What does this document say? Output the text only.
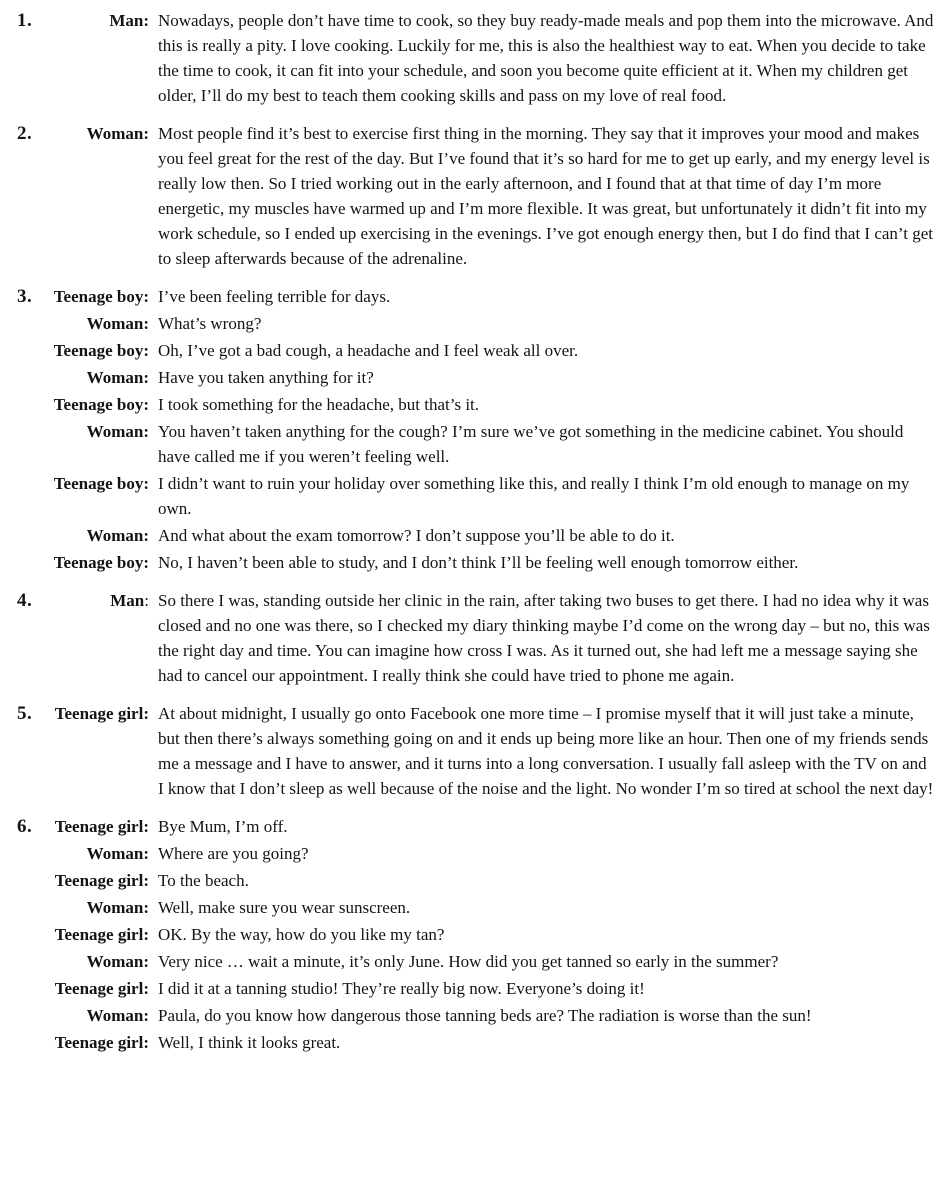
1.	Man: Nowadays, people don’t have time to cook, so they buy ready-made meals and pop them into the microwave. And this is really a pity. I love cooking. Luckily for me, this is also the healthiest way to eat. When you decide to take the time to cook, it can fit into your schedule, and soon you become quite efficient at it. When my children get older, I’ll do my best to teach them cooking skills and pass on my love of real food.
2.	Woman: Most people find it’s best to exercise first thing in the morning. They say that it improves your mood and makes you feel great for the rest of the day. But I’ve found that it’s so hard for me to get up early, and my energy level is really low then. So I tried working out in the early afternoon, and I found that at that time of day I’m more energetic, my muscles have warmed up and I’m more flexible. It was great, but unfortunately it didn’t fit into my work schedule, so I ended up exercising in the evenings. I’ve got enough energy then, but I do find that I can’t get to sleep afterwards because of the adrenaline.
3. Teenage boy: I’ve been feeling terrible for days.
Woman: What’s wrong?
Teenage boy: Oh, I’ve got a bad cough, a headache and I feel weak all over.
Woman: Have you taken anything for it?
Teenage boy: I took something for the headache, but that’s it.
Woman: You haven’t taken anything for the cough? I’m sure we’ve got something in the medicine cabinet. You should have called me if you weren’t feeling well.
Teenage boy: I didn’t want to ruin your holiday over something like this, and really I think I’m old enough to manage on my own.
Woman: And what about the exam tomorrow? I don’t suppose you’ll be able to do it.
Teenage boy: No, I haven’t been able to study, and I don’t think I’ll be feeling well enough tomorrow either.
4.	Man: So there I was, standing outside her clinic in the rain, after taking two buses to get there. I had no idea why it was closed and no one was there, so I checked my diary thinking maybe I’d come on the wrong day – but no, this was the right day and time. You can imagine how cross I was. As it turned out, she had left me a message saying she had to cancel our appointment. I really think she could have tried to phone me again.
5. Teenage girl: At about midnight, I usually go onto Facebook one more time – I promise myself that it will just take a minute, but then there’s always something going on and it ends up being more like an hour. Then one of my friends sends me a message and I have to answer, and it turns into a long conversation. I usually fall asleep with the TV on and I know that I don’t sleep as well because of the noise and the light. No wonder I’m so tired at school the next day!
6. Teenage girl: Bye Mum, I’m off.
Woman: Where are you going?
Teenage girl: To the beach.
Woman: Well, make sure you wear sunscreen.
Teenage girl: OK. By the way, how do you like my tan?
Woman: Very nice … wait a minute, it’s only June. How did you get tanned so early in the summer?
Teenage girl: I did it at a tanning studio! They’re really big now. Everyone’s doing it!
Woman: Paula, do you know how dangerous those tanning beds are? The radiation is worse than the sun!
Teenage girl: Well, I think it looks great.
